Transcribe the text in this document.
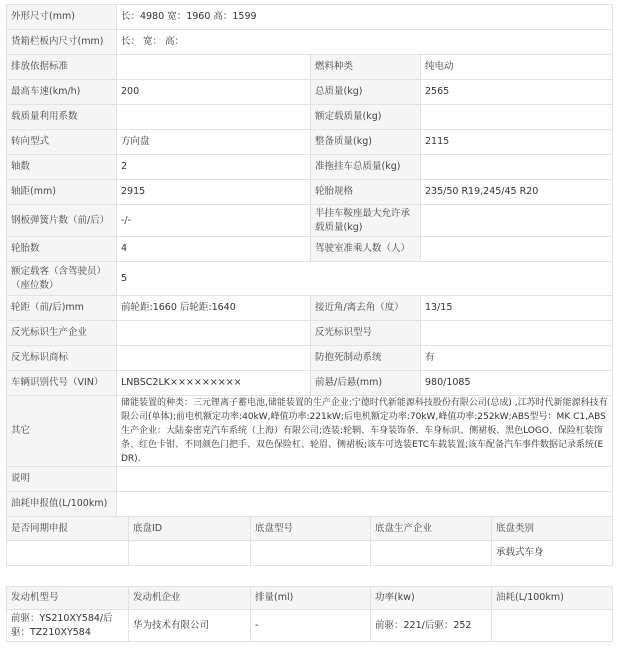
外形尺寸(mm)	长：4980 宽：1960 高：1599		
货箱栏板内尺寸(mm)	长： 宽： 高：		
排放依据标准		燃料种类	纯电动
最高车速(km/h)	200	总质量(kg)	2565
载质量利用系数		额定载质量(kg)	
转向型式	方向盘	整备质量(kg)	2115
轴数	2	准拖挂车总质量(kg)	
轴距(mm)	2915	轮胎规格	235/50 R19,245/45 R20
钢板弹簧片数（前/后）	-/-	半挂车鞍座最大允许承载质量(kg)	
轮胎数	4	驾驶室准乘人数（人）	
额定载客（含驾驶员）（座位数）	5		
轮距（前/后)mm	前轮距:1660 后轮距:1640	接近角/离去角（度）	13/15
反光标识生产企业		反光标识型号	
反光标识商标		防抱死制动系统	有
车辆识别代号（VIN）	LNBSC2LK×××××××××	前悬/后悬(mm)	980/1085
其它	储能装置的种类：三元锂离子蓄电池,储能装置的生产企业:宁德时代新能源科技股份有限公司(总成) ,江苏时代新能源科技有限公司(单体);前电机额定功率:40kW,峰值功率:221kW;后电机额定功率:70kW,峰值功率:252kW;ABS型号：MK C1,ABS生产企业：大陆泰密克汽车系统（上海）有限公司;选装:轮辋、车身装饰条、车身标识、侧裙板、黑色LOGO、保险杠装饰条、红色卡钳、不同颜色门把手、双色保险杠、轮眉、侧裙板;该车可选装ETC车载装置;该车配备汽车事件数据记录系统(EDR).		
说明			
油耗申报值(L/100km)			
是否同期申报	底盘ID	底盘型号	底盘生产企业	底盘类别
				承载式车身
发动机型号	发动机企业	排量(ml)	功率(kw)	油耗(L/100km)
前驱：YS210XY584/后驱：TZ210XY584	华为技术有限公司	-	前驱：221/后驱：252	
